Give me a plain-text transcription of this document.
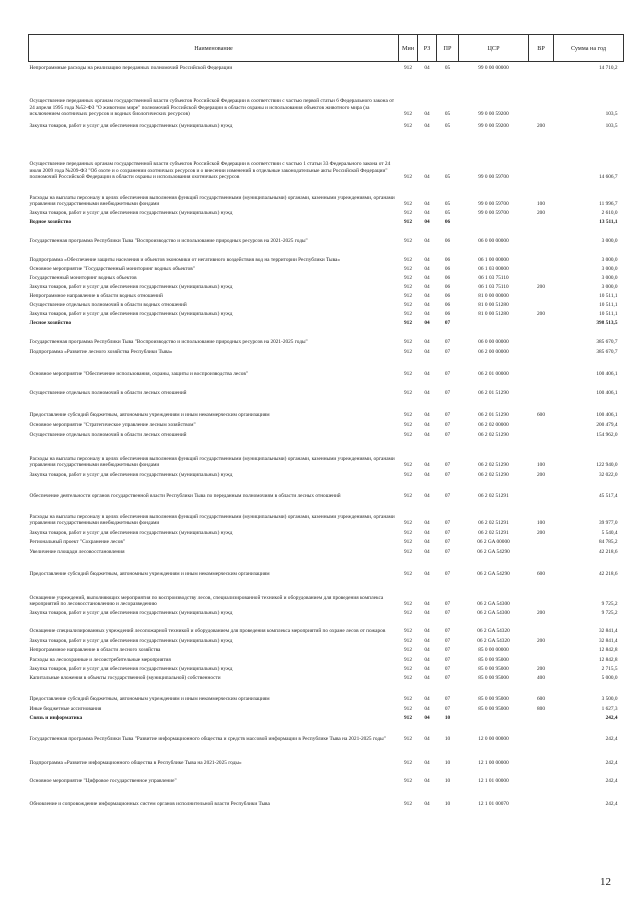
Наименование	Мин	РЗ	ПР	ЦСР	ВР	Сумма на год
Непрограммные расходы на реализацию переданных полномочий Российской Федерации	912	04	05	99 0 00 00000		14 710,2
Осуществление переданных органам государственной власти субъектов Российской Федерации в соответствии с частью первой статьи 6 Федерального закона от 24 апреля 1995 года №52-ФЗ "О животном мире" полномочий Российской Федерации в области охраны и использования объектов животного мира (за исключением охотничьих ресурсов и водных биологических ресурсов)	912	04	05	99 0 00 59200		103,5
Закупка товаров, работ и услуг для обеспечения государственных (муниципальных) нужд	912	04	05	99 0 00 59200	200	103,5
Осуществление переданных органам государственной власти субъектов Российской Федерации в соответствии с частью 1 статьи 33 Федерального закона от 24 июля 2009 года №209-ФЗ "Об охоте и о сохранении охотничьих ресурсов и о внесении изменений в отдельные законодательные акты Российской Федерации" полномочий Российской Федерации в области охраны и использования охотничьих ресурсов	912	04	05	99 0 00 59700		14 606,7
Расходы на выплаты персоналу в целях обеспечения выполнения функций государственными (муниципальными) органами, казенными учреждениями, органами управления государственными внебюджетными фондами	912	04	05	99 0 00 59700	100	11 996,7
Закупка товаров, работ и услуг для обеспечения государственных (муниципальных) нужд	912	04	05	99 0 00 59700	200	2 610,0
Водное хозяйство	912	04	06			13 511,1
Государственная программа Республики Тыва "Воспроизводство и использование природных ресурсов на 2021-2025 годы"	912	04	06	06 0 00 00000		3 000,0
Подпрограмма «Обеспечение защиты населения и объектов экономики от негативного воздействия вод на территории Республики Тыва»	912	04	06	06 1 00 00000		3 000,0
Основное мероприятие "Государственный мониторинг водных объектов"	912	04	06	06 1 03 00000		3 000,0
Государственный мониторинг водных объектов	912	04	06	06 1 03 75110		3 000,0
Закупка товаров, работ и услуг для обеспечения государственных (муниципальных) нужд	912	04	06	06 1 03 75110	200	3 000,0
Непрограммное направление в области водных отношений	912	04	06	81 0 00 00000		10 511,1
Осуществление отдельных полномочий в области водных отношений	912	04	06	81 0 00 51280		10 511,1
Закупка товаров, работ и услуг для обеспечения государственных (муниципальных) нужд	912	04	06	81 0 00 51280	200	10 511,1
Лесное хозяйство	912	04	07			398 513,5
Государственная программа Республики Тыва "Воспроизводство и использование природных ресурсов на 2021-2025 годы"	912	04	07	06 0 00 00000		385 670,7
Подпрограмма «Развитие лесного хозяйства Республики Тыва»	912	04	07	06 2 00 00000		385 670,7
Основное мероприятие "Обеспечение использования, охраны, защиты и воспроизводства лесов"	912	04	07	06 2 01 00000		100 406,1
Осуществление отдельных полномочий в области лесных отношений	912	04	07	06 2 01 51290		100 406,1
Предоставление субсидий бюджетным, автономным учреждениям и иным некоммерческим организациям	912	04	07	06 2 01 51290	600	100 406,1
Основное мероприятие "Стратегическое управление лесным хозяйством"	912	04	07	06 2 02 00000		200 479,4
Осуществление отдельных полномочий в области лесных отношений	912	04	07	06 2 02 51290		154 962,0
Расходы на выплаты персоналу в целях обеспечения выполнения функций государственными (муниципальными) органами, казенными учреждениями, органами управления государственными внебюджетными фондами	912	04	07	06 2 02 51290	100	122 940,0
Закупка товаров, работ и услуг для обеспечения государственных (муниципальных) нужд	912	04	07	06 2 02 51290	200	32 022,0
Обеспечение деятельности органов государственной власти Республики Тыва по переданным полномочиям в области лесных отношений	912	04	07	06 2 02 51291		45 517,4
Расходы на выплаты персоналу в целях обеспечения выполнения функций государственными (муниципальными) органами, казенными учреждениями, органами управления государственными внебюджетными фондами	912	04	07	06 2 02 51291	100	39 977,0
Закупка товаров, работ и услуг для обеспечения государственных (муниципальных) нужд	912	04	07	06 2 02 51291	200	5 540,4
Региональный проект "Сохранение лесов"	912	04	07	06 2 GA 00000		84 785,2
Увеличение площади лесовосстановления	912	04	07	06 2 GA 54290		42 218,6
Предоставление субсидий бюджетным, автономным учреждениям и иным некоммерческим организациям	912	04	07	06 2 GA 54290	600	42 218,6
Оснащение учреждений, выполняющих мероприятия по воспроизводству лесов, специализированной техникой и оборудованием для проведения комплекса мероприятий по лесовосстановлению и лесоразведению	912	04	07	06 2 GA 54300		9 725,2
Закупка товаров, работ и услуг для обеспечения государственных (муниципальных) нужд	912	04	07	06 2 GA 54300	200	9 725,2
Оснащение специализированных учреждений лесопожарной техникой и оборудованием для проведения комплекса мероприятий по охране лесов от пожаров	912	04	07	06 2 GA 54320		32 841,4
Закупка товаров, работ и услуг для обеспечения государственных (муниципальных) нужд	912	04	07	06 2 GA 54320	200	32 841,4
Непрограммное направление в области лесного хозяйства	912	04	07	85 0 00 00000		12 842,8
Расходы на лесоохранные и лесоистребительные мероприятия	912	04	07	85 0 00 95000		12 842,8
Закупка товаров, работ и услуг для обеспечения государственных (муниципальных) нужд	912	04	07	85 0 00 95000	200	2 715,5
Капитальные вложения в объекты государственной (муниципальной) собственности	912	04	07	85 0 00 95000	400	5 000,0
Предоставление субсидий бюджетным, автономным учреждениям и иным некоммерческим организациям	912	04	07	85 0 00 95000	600	3 500,0
Иные бюджетные ассигнования	912	04	07	85 0 00 95000	800	1 627,3
Связь и информатика	912	04	10			242,4
Государственная программа Республики Тыва "Развитие информационного общества и средств массовой информации в Республике Тыва на 2021-2025 годы"	912	04	10	12 0 00 00000		242,4
Подпрограмма «Развитие информационного общества в Республике Тыва на 2021-2025 годы»	912	04	10	12 1 00 00000		242,4
Основное мероприятие "Цифровое государственное управление"	912	04	10	12 1 01 00000		242,4
Обновление и сопровождение информационных систем органов исполнительной власти Республики Тыва	912	04	10	12 1 01 00070		242,4
12
